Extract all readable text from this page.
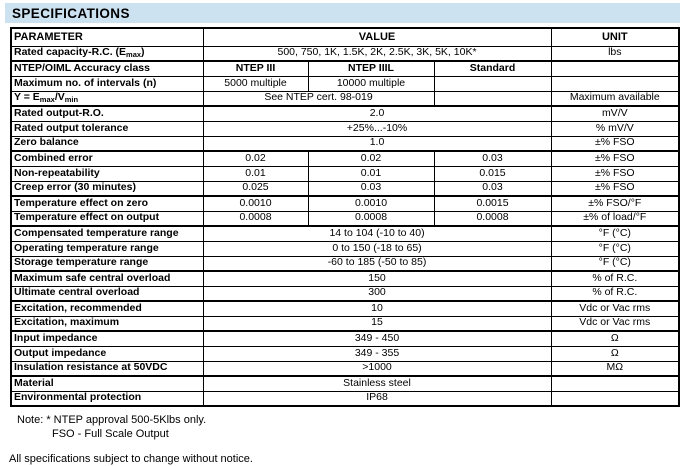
SPECIFICATIONS
PARAMETER	VALUE			UNIT
Rated capacity-R.C. $(E_{max})$	500, 750, 1K, 1.5K, 2K, 2.5K, 3K, 5K, 10K*			lbs
NTEP/OIML Accuracy class	NTEP III	NTEP IIIL	Standard	
Maximum no. of intervals (n)	5000 multiple	10000 multiple		
$Y = E_{max}/V_{min}$	See NTEP cert. 98-019			Maximum available
Rated output-R.O.	2.0			mV/V
Rated output tolerance	+25%...-10%			% mV/V
Zero balance	1.0			±% FSO
Combined error	0.02	0.02	0.03	±% FSO
Non-repeatability	0.01	0.01	0.015	±% FSO
Creep error (30 minutes)	0.025	0.03	0.03	±% FSO
Temperature effect on zero	0.0010	0.0010	0.0015	±% FSO/°F
Temperature effect on output	0.0008	0.0008	0.0008	±% of load/°F
Compensated temperature range	14 to 104 (-10 to 40)			°F (°C)
Operating temperature range	0 to 150 (-18 to 65)			°F (°C)
Storage temperature range	-60 to 185 (-50 to 85)			°F (°C)
Maximum safe central overload	150			% of R.C.
Ultimate central overload	300			% of R.C.
Excitation, recommended	10			Vdc or Vac rms
Excitation, maximum	15			Vdc or Vac rms
Input impedance	349 - 450			Ω
Output impedance	349 - 355			Ω
Insulation resistance at 50VDC	>1000			MΩ
Material	Stainless steel			
Environmental protection	IP68			
Note: * NTEP approval 500-5Klbs only.
FSO - Full Scale Output
All specifications subject to change without notice.
